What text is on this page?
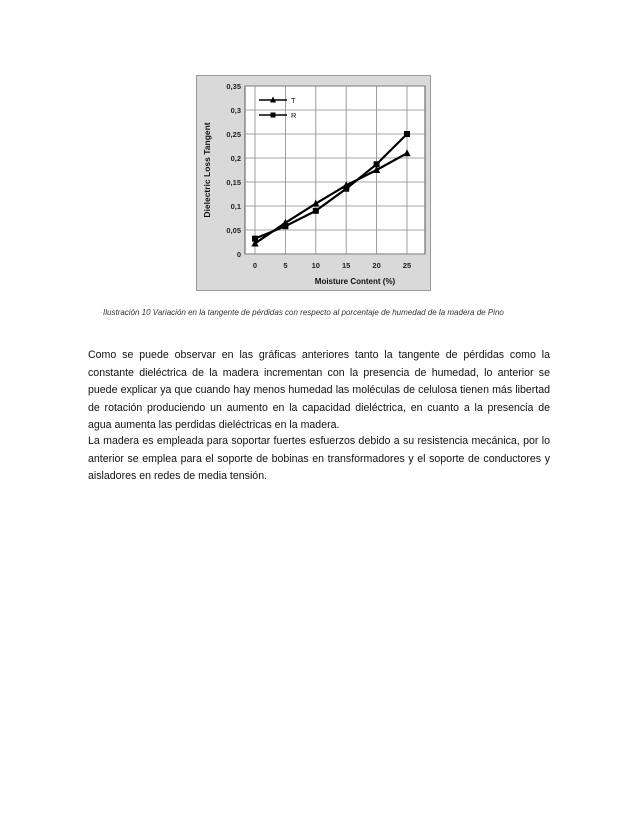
0
0,05
0,1
0,15
0,2
0,25
0,3
0,35
0	5	10	15	20	25
Moisture Content (%)
Dielectric Loss Tangent
T
R
Ilustración 10 Variación en la tangente de pérdidas con respecto al porcentaje de humedad de la madera de Pino

Como se puede observar en las gráficas anteriores tanto la tangente de pérdidas como la constante dieléctrica de la madera incrementan con la presencia de humedad, lo anterior se puede explicar ya que cuando hay menos humedad las moléculas de celulosa tienen más libertad de rotación produciendo un aumento en la capacidad dieléctrica, en cuanto a la presencia de agua aumenta las perdidas dieléctricas en la madera.

La madera es empleada para soportar fuertes esfuerzos debido a su resistencia mecánica, por lo anterior se emplea para el soporte de bobinas en transformadores y el soporte de conductores y aisladores en redes de media tensión.
